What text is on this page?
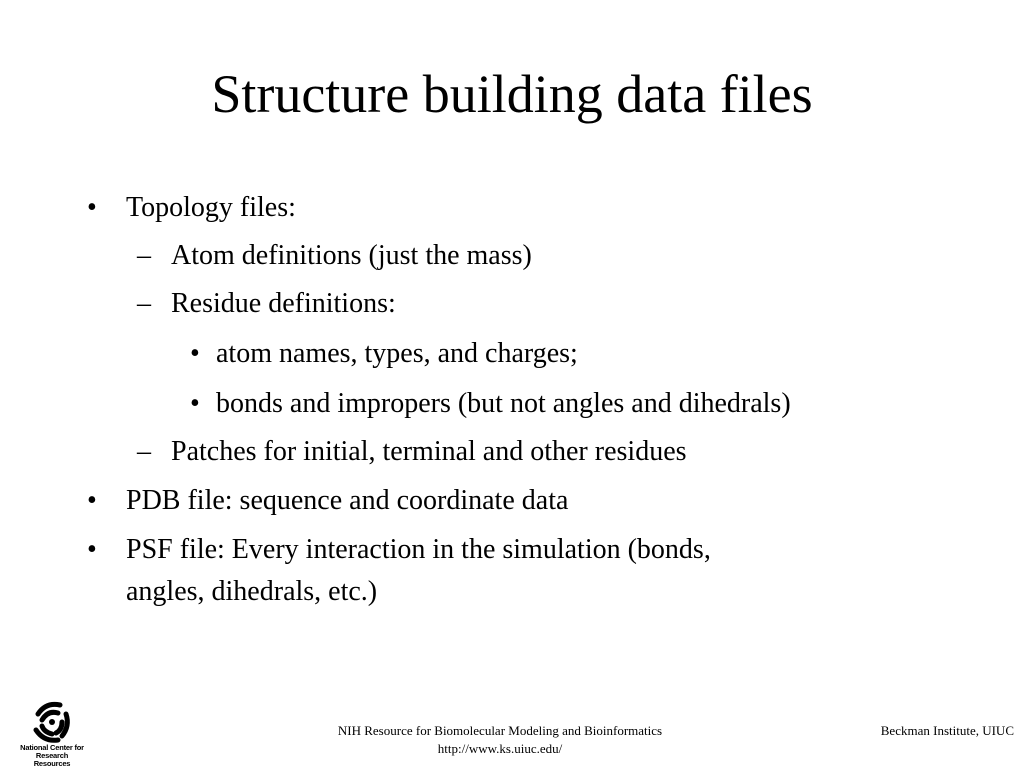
Structure building data files
• Topology files:
– Atom definitions (just the mass)
– Residue definitions:
• atom names, types, and charges;
• bonds and impropers (but not angles and dihedrals)
– Patches for initial, terminal and other residues
• PDB file: sequence and coordinate data
• PSF file: Every interaction in the simulation (bonds,
angles, dihedrals, etc.)
National Center for
Research Resources
NIH Resource for Biomolecular Modeling and Bioinformatics
http://www.ks.uiuc.edu/
Beckman Institute, UIUC
